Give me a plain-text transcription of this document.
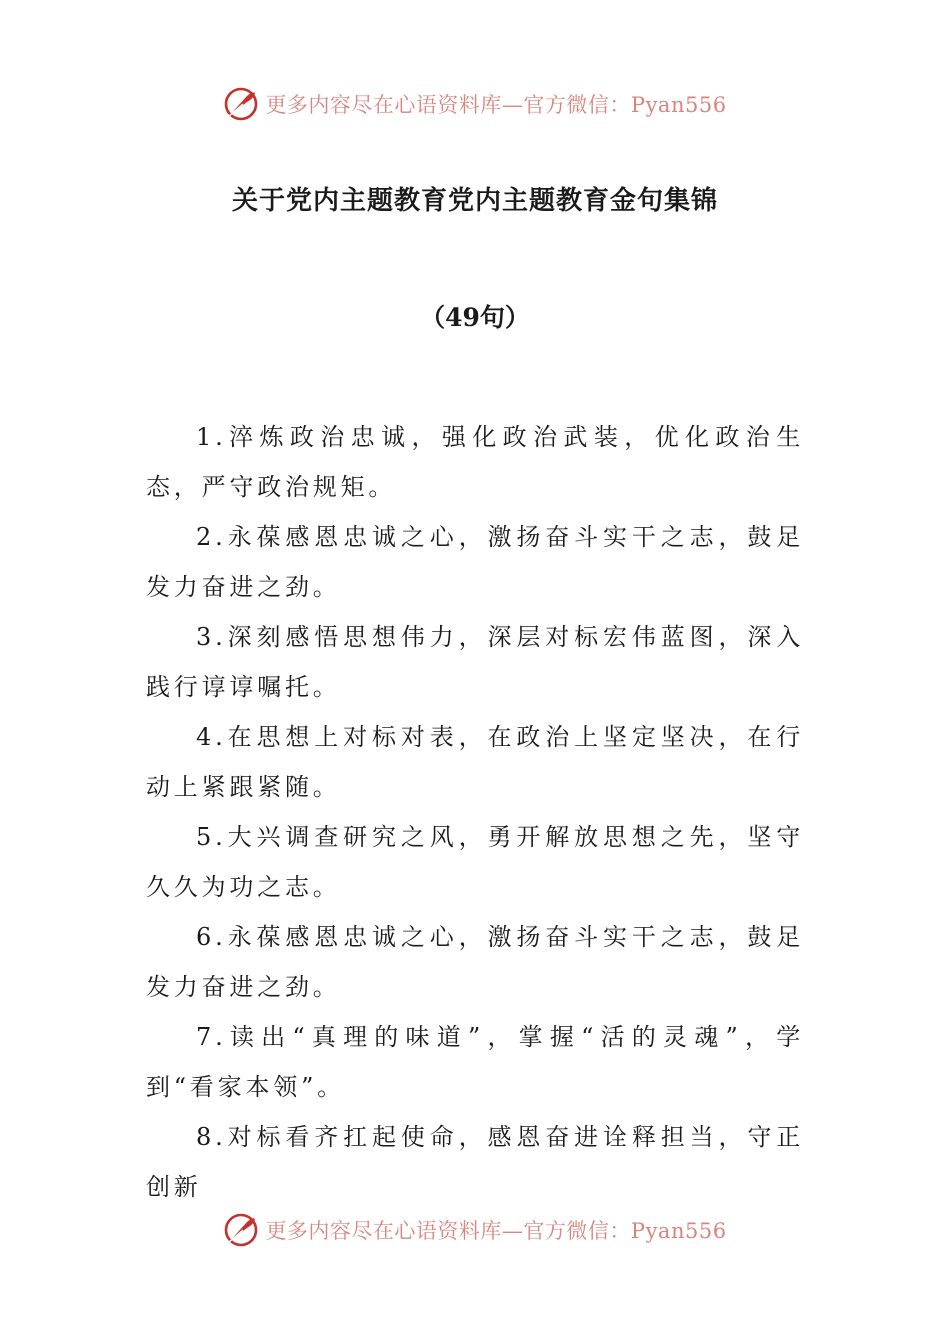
更多内容尽在心语资料库—官方微信：Pyan556
关于党内主题教育党内主题教育金句集锦
（49句）

1.淬炼政治忠诚，强化政治武装，优化政治生态，严守政治规矩。

2.永葆感恩忠诚之心，激扬奋斗实干之志，鼓足发力奋进之劲。

3.深刻感悟思想伟力，深层对标宏伟蓝图，深入践行谆谆嘱托。

4.在思想上对标对表，在政治上坚定坚决，在行动上紧跟紧随。

5.大兴调查研究之风，勇开解放思想之先，坚守久久为功之志。

6.永葆感恩忠诚之心，激扬奋斗实干之志，鼓足发力奋进之劲。

7.读出“真理的味道”，掌握“活的灵魂”，学到“看家本领”。

8.对标看齐扛起使命，感恩奋进诠释担当，守正创新

更多内容尽在心语资料库—官方微信：Pyan556
